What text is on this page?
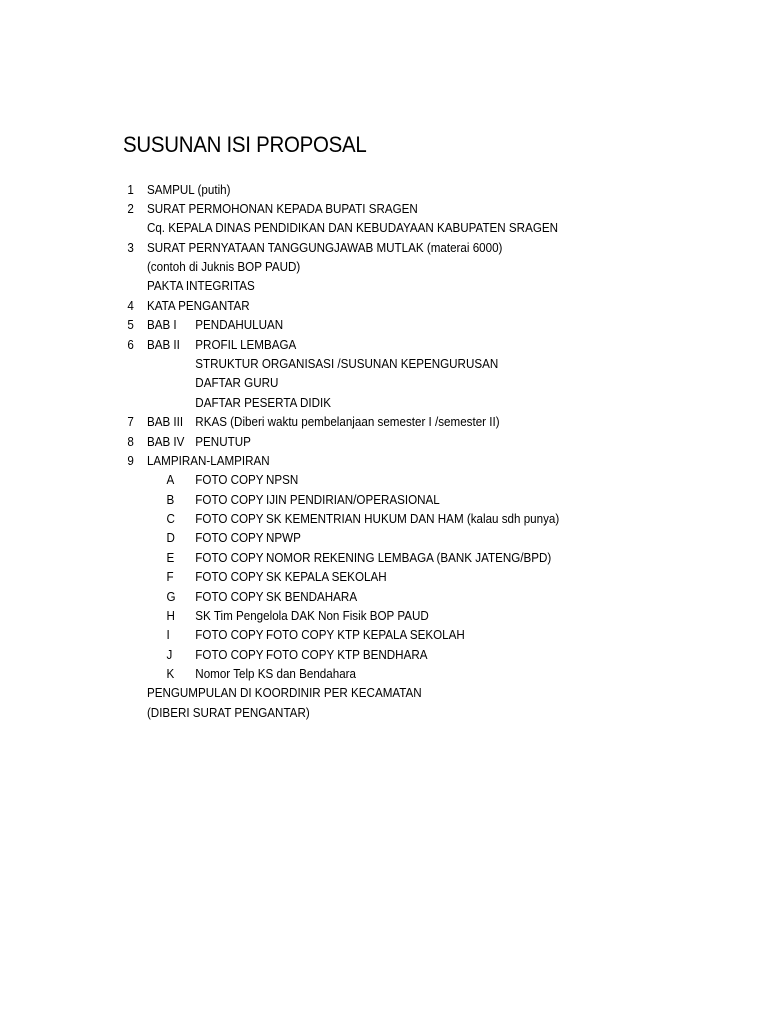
SUSUNAN ISI PROPOSAL
1 SAMPUL (putih)
2 SURAT PERMOHONAN KEPADA BUPATI SRAGEN
Cq. KEPALA DINAS PENDIDIKAN DAN KEBUDAYAAN KABUPATEN SRAGEN
3 SURAT PERNYATAAN TANGGUNGJAWAB MUTLAK (materai 6000)
(contoh di Juknis BOP PAUD)
PAKTA INTEGRITAS
4 KATA PENGANTAR
5 BAB I PENDAHULUAN
6 BAB II PROFIL LEMBAGA
STRUKTUR ORGANISASI /SUSUNAN KEPENGURUSAN
DAFTAR GURU
DAFTAR PESERTA DIDIK
7 BAB III RKAS (Diberi waktu pembelanjaan semester I /semester II)
8 BAB IV PENUTUP
9 LAMPIRAN-LAMPIRAN
A FOTO COPY NPSN
B FOTO COPY IJIN PENDIRIAN/OPERASIONAL
C FOTO COPY SK KEMENTRIAN HUKUM DAN HAM (kalau sdh punya)
D FOTO COPY NPWP
E FOTO COPY NOMOR REKENING LEMBAGA (BANK JATENG/BPD)
F FOTO COPY SK KEPALA SEKOLAH
G FOTO COPY SK BENDAHARA
H SK Tim Pengelola DAK Non Fisik BOP PAUD
I FOTO COPY FOTO COPY KTP KEPALA SEKOLAH
J FOTO COPY FOTO COPY KTP BENDHARA
K Nomor Telp KS dan Bendahara
PENGUMPULAN DI KOORDINIR PER KECAMATAN
(DIBERI SURAT PENGANTAR)
